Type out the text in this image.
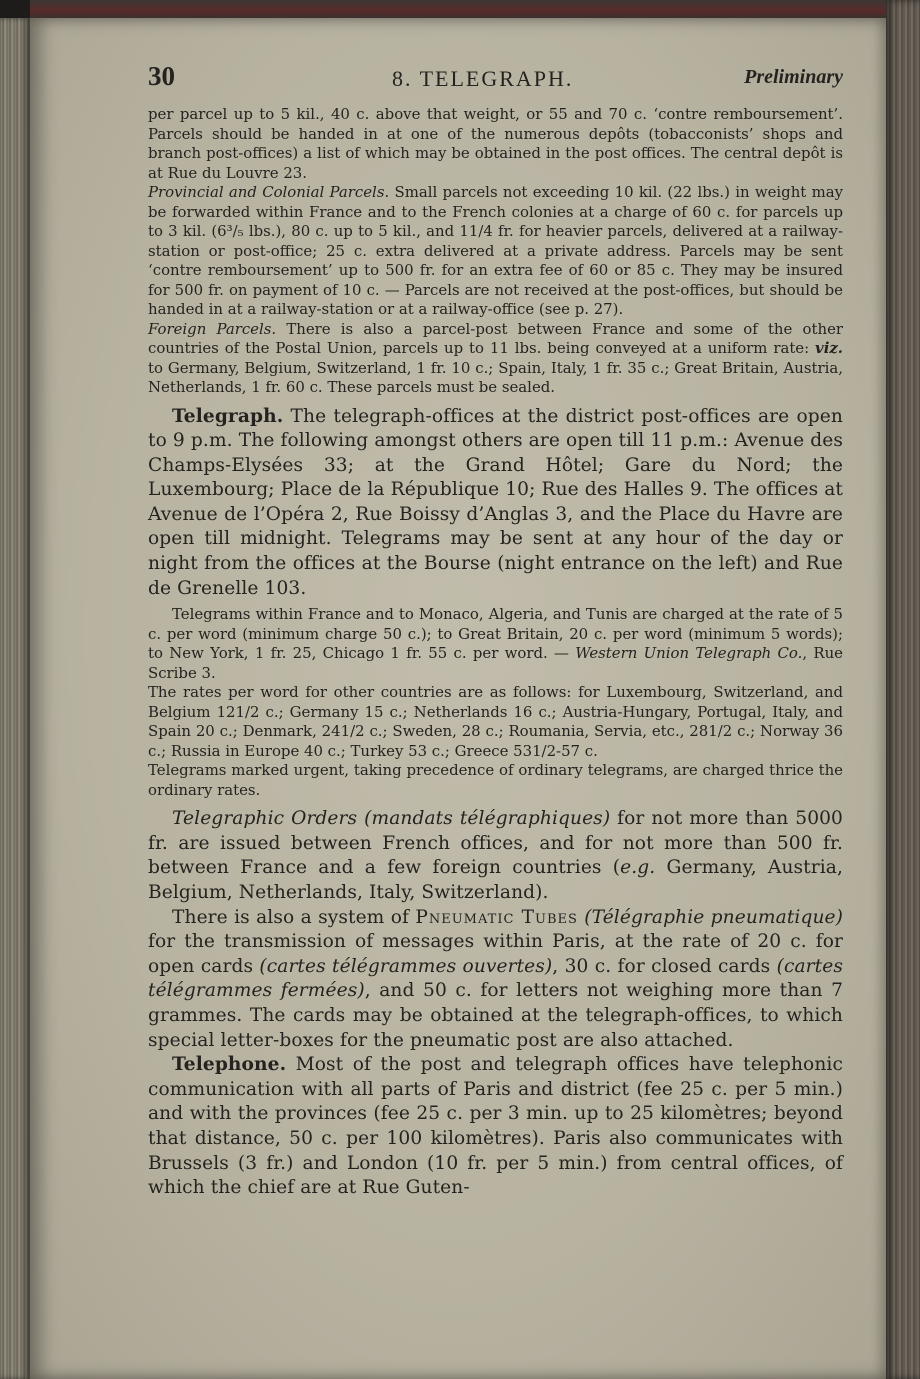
30	8. TELEGRAPH.	Preliminary

per parcel up to 5 kil., 40 c. above that weight, or 55 and 70 c. ‘contre remboursement’. Parcels should be handed in at one of the numerous depôts (tobacconists’ shops and branch post-offices) a list of which may be obtained in the post offices. The central depôt is at Rue du Louvre 23.

Provincial and Colonial Parcels. Small parcels not exceeding 10 kil. (22 lbs.) in weight may be forwarded within France and to the French colonies at a charge of 60 c. for parcels up to 3 kil. (6³/₅ lbs.), 80 c. up to 5 kil., and 11/4 fr. for heavier parcels, delivered at a railway-station or post-office; 25 c. extra delivered at a private address. Parcels may be sent ‘contre remboursement’ up to 500 fr. for an extra fee of 60 or 85 c. They may be insured for 500 fr. on payment of 10 c. — Parcels are not received at the post-offices, but should be handed in at a railway-station or at a railway-office (see p. 27).

Foreign Parcels. There is also a parcel-post between France and some of the other countries of the Postal Union, parcels up to 11 lbs. being conveyed at a uniform rate: viz. to Germany, Belgium, Switzerland, 1 fr. 10 c.; Spain, Italy, 1 fr. 35 c.; Great Britain, Austria, Netherlands, 1 fr. 60 c. These parcels must be sealed.

Telegraph. The telegraph-offices at the district post-offices are open to 9 p.m. The following amongst others are open till 11 p.m.: Avenue des Champs-Elysées 33; at the Grand Hôtel; Gare du Nord; the Luxembourg; Place de la République 10; Rue des Halles 9. The offices at Avenue de l’Opéra 2, Rue Boissy d’Anglas 3, and the Place du Havre are open till midnight. Telegrams may be sent at any hour of the day or night from the offices at the Bourse (night entrance on the left) and Rue de Grenelle 103.

Telegrams within France and to Monaco, Algeria, and Tunis are charged at the rate of 5 c. per word (minimum charge 50 c.); to Great Britain, 20 c. per word (minimum 5 words); to New York, 1 fr. 25, Chicago 1 fr. 55 c. per word. — Western Union Telegraph Co., Rue Scribe 3.

The rates per word for other countries are as follows: for Luxembourg, Switzerland, and Belgium 121/2 c.; Germany 15 c.; Netherlands 16 c.; Austria-Hungary, Portugal, Italy, and Spain 20 c.; Denmark, 241/2 c.; Sweden, 28 c.; Roumania, Servia, etc., 281/2 c.; Norway 36 c.; Russia in Europe 40 c.; Turkey 53 c.; Greece 531/2-57 c.

Telegrams marked urgent, taking precedence of ordinary telegrams, are charged thrice the ordinary rates.

Telegraphic Orders (mandats télégraphiques) for not more than 5000 fr. are issued between French offices, and for not more than 500 fr. between France and a few foreign countries (e.g. Germany, Austria, Belgium, Netherlands, Italy, Switzerland).

There is also a system of Pneumatic Tubes (Télégraphie pneumatique) for the transmission of messages within Paris, at the rate of 20 c. for open cards (cartes télégrammes ouvertes), 30 c. for closed cards (cartes télégrammes fermées), and 50 c. for letters not weighing more than 7 grammes. The cards may be obtained at the telegraph-offices, to which special letter-boxes for the pneumatic post are also attached.

Telephone. Most of the post and telegraph offices have telephonic communication with all parts of Paris and district (fee 25 c. per 5 min.) and with the provinces (fee 25 c. per 3 min. up to 25 kilomètres; beyond that distance, 50 c. per 100 kilomètres). Paris also communicates with Brussels (3 fr.) and London (10 fr. per 5 min.) from central offices, of which the chief are at Rue Guten-
